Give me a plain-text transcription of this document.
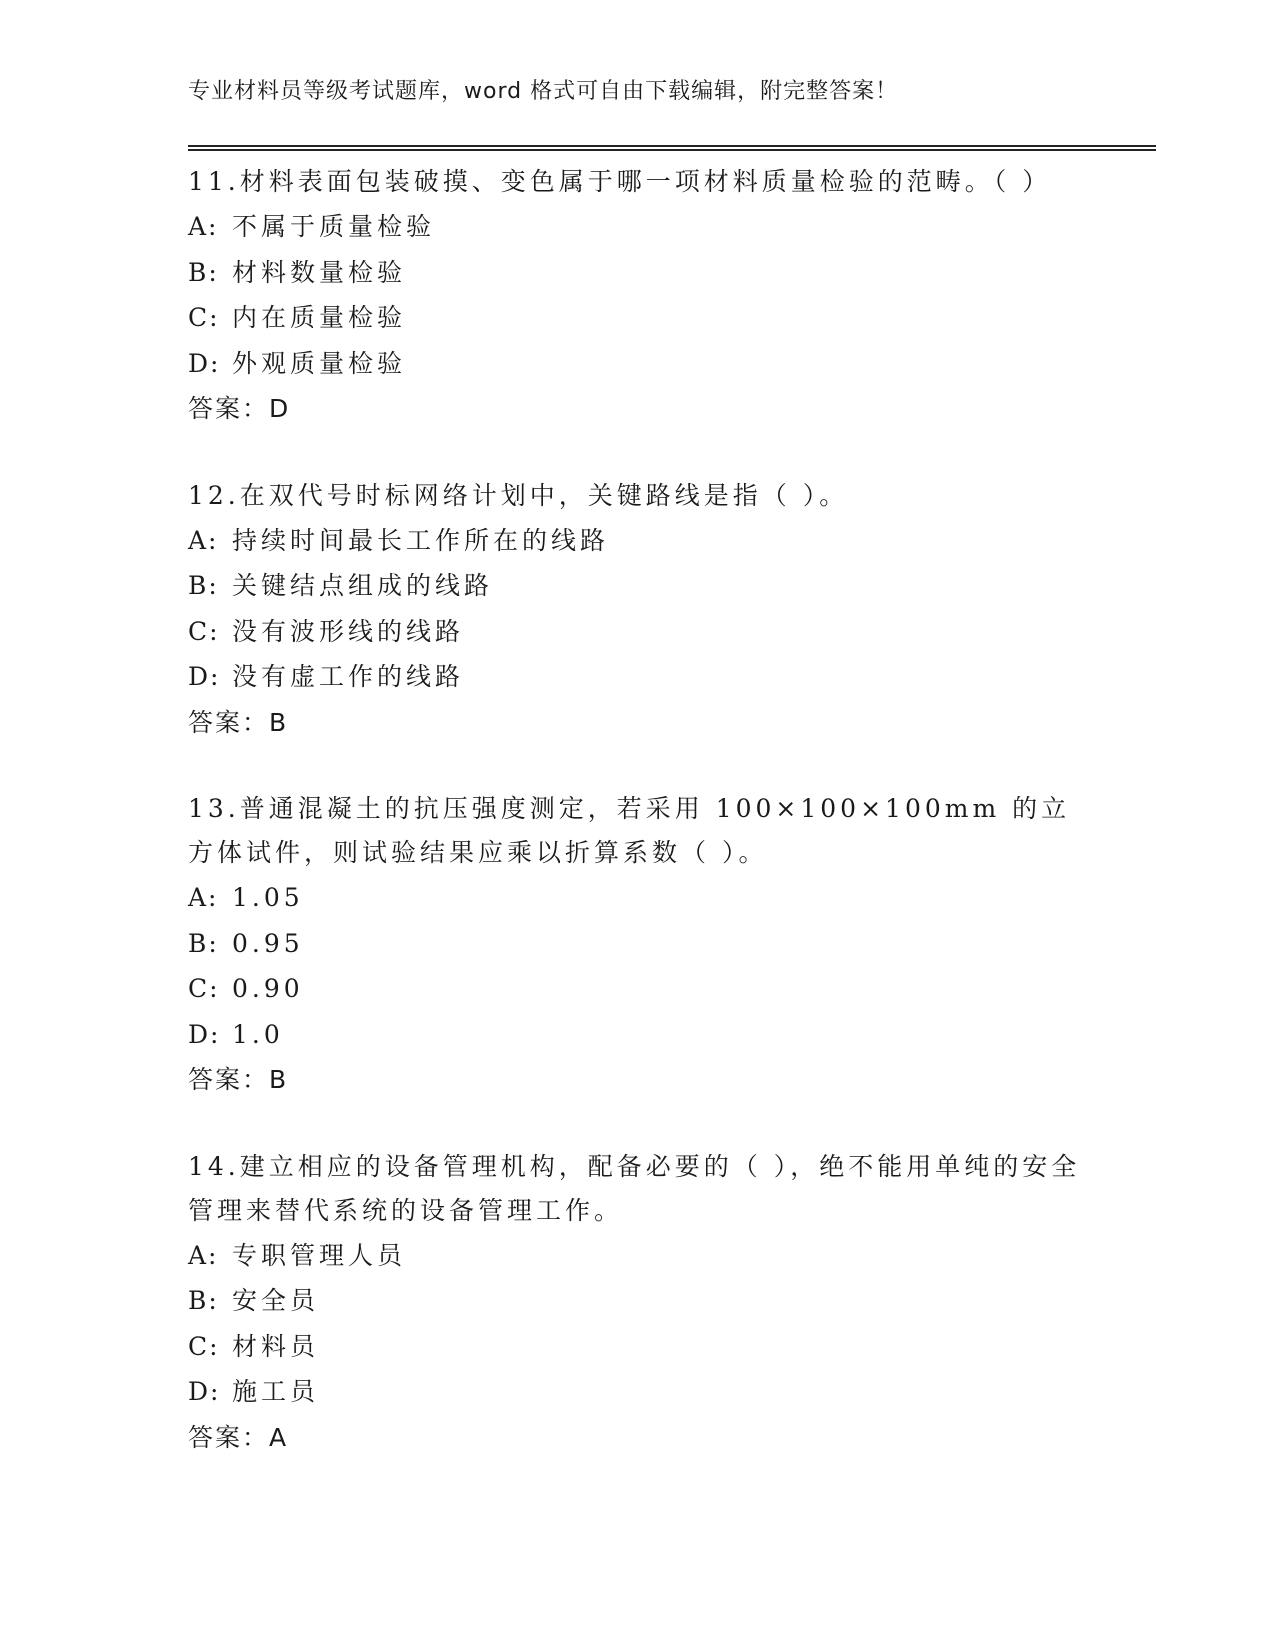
专业材料员等级考试题库，word 格式可自由下载编辑，附完整答案！

11.材料表面包装破摸、变色属于哪一项材料质量检验的范畴。（ ）

A: 不属于质量检验

B: 材料数量检验

C: 内在质量检验

D: 外观质量检验

答案：D

12.在双代号时标网络计划中，关键路线是指（ ）。

A: 持续时间最长工作所在的线路

B: 关键结点组成的线路

C: 没有波形线的线路

D: 没有虚工作的线路

答案：B

13.普通混凝土的抗压强度测定，若采用 100×100×100mm 的立方体试件，则试验结果应乘以折算系数（ ）。

A: 1.05

B: 0.95

C: 0.90

D: 1.0

答案：B

14.建立相应的设备管理机构，配备必要的（ ），绝不能用单纯的安全管理来替代系统的设备管理工作。

A: 专职管理人员

B: 安全员

C: 材料员

D: 施工员

答案：A
